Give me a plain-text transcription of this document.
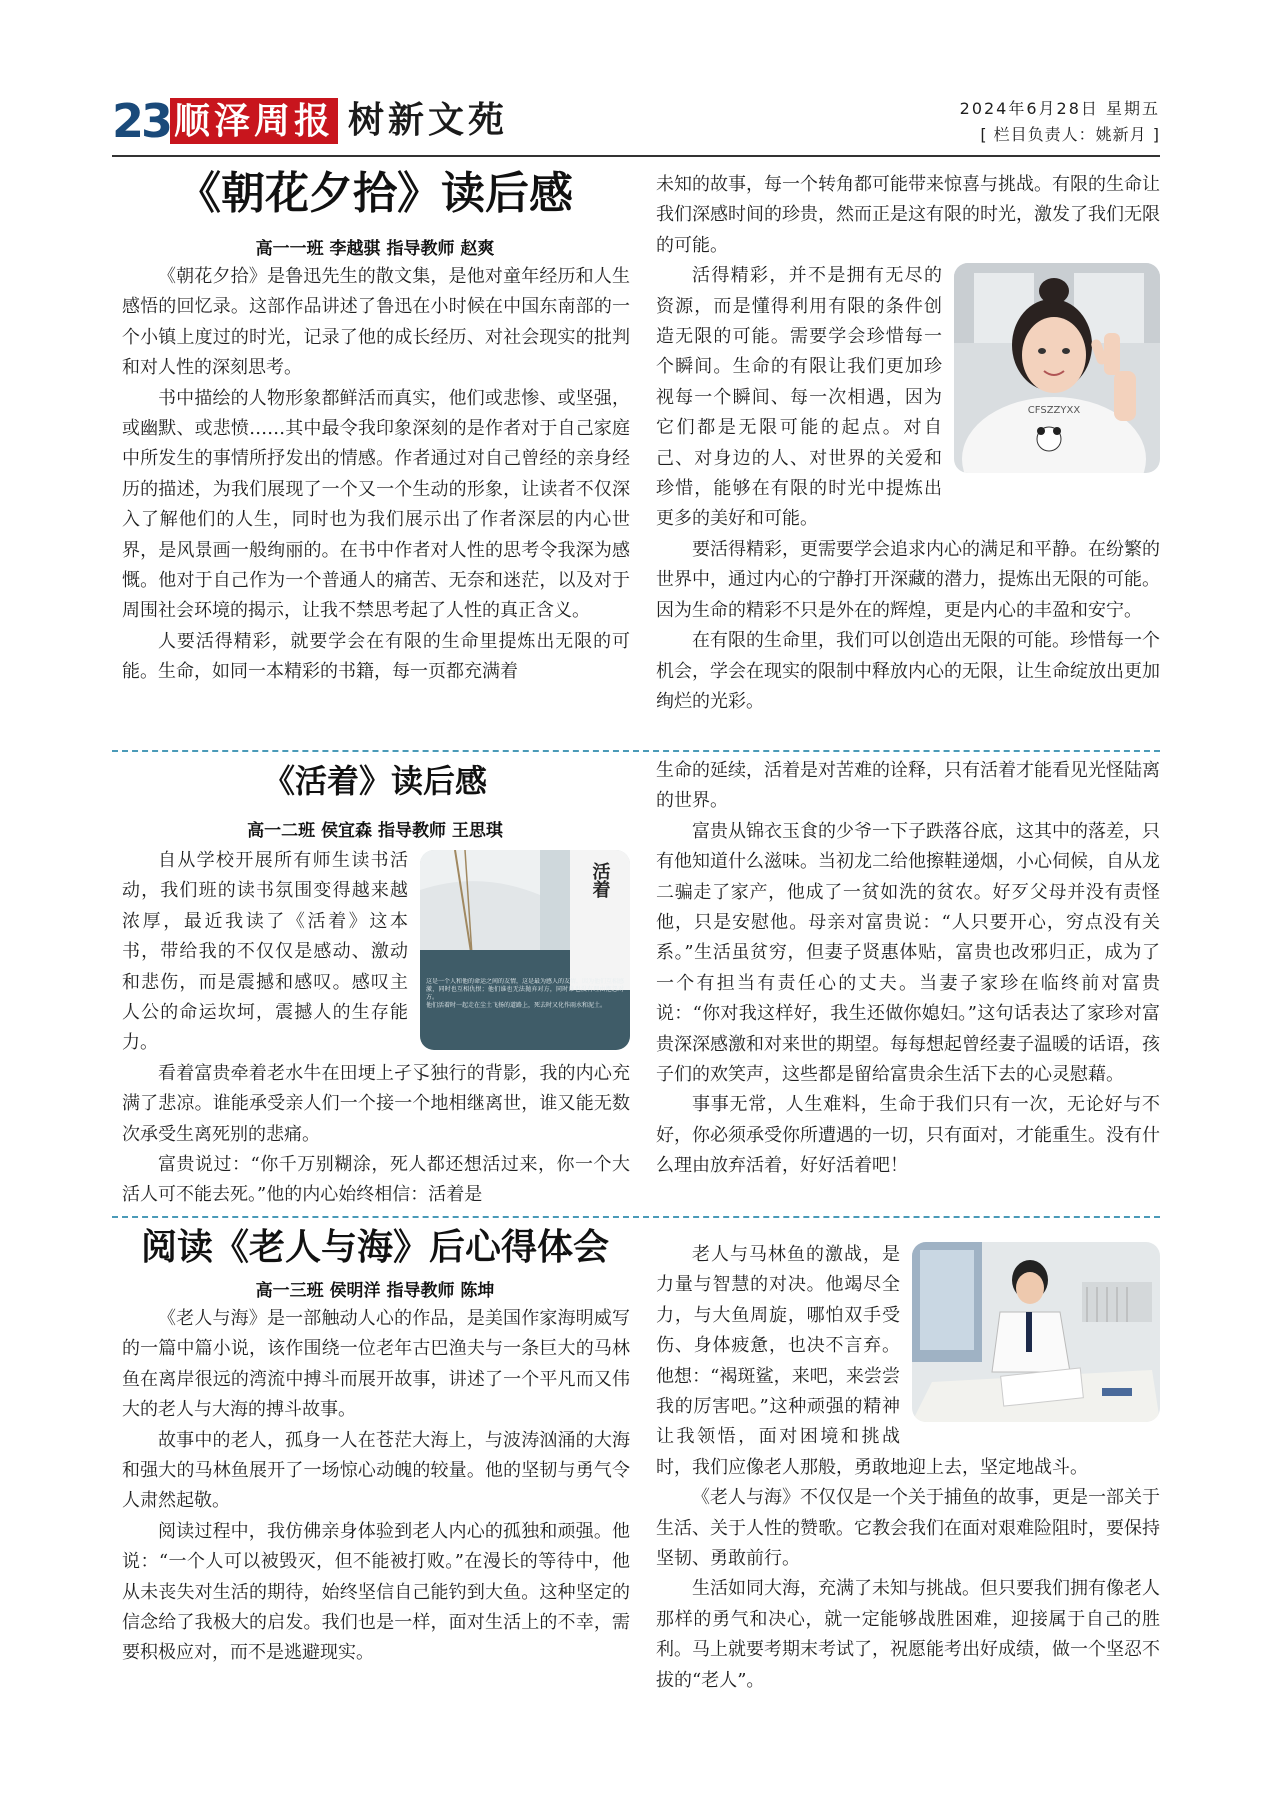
23 顺泽周报 树新文苑	2024年6月28日 星期五
[ 栏目负责人：姚新月 ]
《朝花夕拾》读后感
高一一班 李越骐 指导教师 赵爽

《朝花夕拾》是鲁迅先生的散文集，是他对童年经历和人生感悟的回忆录。这部作品讲述了鲁迅在小时候在中国东南部的一个小镇上度过的时光，记录了他的成长经历、对社会现实的批判和对人性的深刻思考。

书中描绘的人物形象都鲜活而真实，他们或悲惨、或坚强，或幽默、或悲愤……其中最令我印象深刻的是作者对于自己家庭中所发生的事情所抒发出的情感。作者通过对自己曾经的亲身经历的描述，为我们展现了一个又一个生动的形象，让读者不仅深入了解他们的人生，同时也为我们展示出了作者深层的内心世界，是风景画一般绚丽的。在书中作者对人性的思考令我深为感慨。他对于自己作为一个普通人的痛苦、无奈和迷茫，以及对于周围社会环境的揭示，让我不禁思考起了人性的真正含义。

人要活得精彩，就要学会在有限的生命里提炼出无限的可能。生命，如同一本精彩的书籍，每一页都充满着

未知的故事，每一个转角都可能带来惊喜与挑战。有限的生命让我们深感时间的珍贵，然而正是这有限的时光，激发了我们无限的可能。

CFSZZYXX

活得精彩，并不是拥有无尽的资源，而是懂得利用有限的条件创造无限的可能。需要学会珍惜每一个瞬间。生命的有限让我们更加珍视每一个瞬间、每一次相遇，因为它们都是无限可能的起点。对自己、对身边的人、对世界的关爱和珍惜，能够在有限的时光中提炼出更多的美好和可能。

要活得精彩，更需要学会追求内心的满足和平静。在纷繁的世界中，通过内心的宁静打开深藏的潜力，提炼出无限的可能。因为生命的精彩不只是外在的辉煌，更是内心的丰盈和安宁。

在有限的生命里，我们可以创造出无限的可能。珍惜每一个机会，学会在现实的限制中释放内心的无限，让生命绽放出更加绚烂的光彩。

《活着》读后感
高一二班 侯宜森 指导教师 王思琪
活着
这是一个人和他的命运之间的友情，这是最为感人的友情，因为他们互相感激，同时也互相仇恨；他们谁也无法抛弃对方，同时谁也没有理由抱怨对方。
他们活着时一起走在尘土飞扬的道路上，死去时又化作雨水和泥土。

自从学校开展所有师生读书活动，我们班的读书氛围变得越来越浓厚，最近我读了《活着》这本书，带给我的不仅仅是感动、激动和悲伤，而是震撼和感叹。感叹主人公的命运坎坷，震撼人的生存能力。

看着富贵牵着老水牛在田埂上孑孓独行的背影，我的内心充满了悲凉。谁能承受亲人们一个接一个地相继离世，谁又能无数次承受生离死别的悲痛。

富贵说过：“你千万别糊涂，死人都还想活过来，你一个大活人可不能去死。”他的内心始终相信：活着是

生命的延续，活着是对苦难的诠释，只有活着才能看见光怪陆离的世界。

富贵从锦衣玉食的少爷一下子跌落谷底，这其中的落差，只有他知道什么滋味。当初龙二给他擦鞋递烟，小心伺候，自从龙二骗走了家产，他成了一贫如洗的贫农。好歹父母并没有责怪他，只是安慰他。母亲对富贵说：“人只要开心，穷点没有关系。”生活虽贫穷，但妻子贤惠体贴，富贵也改邪归正，成为了一个有担当有责任心的丈夫。当妻子家珍在临终前对富贵说：“你对我这样好，我生还做你媳妇。”这句话表达了家珍对富贵深深感激和对来世的期望。每每想起曾经妻子温暖的话语，孩子们的欢笑声，这些都是留给富贵余生活下去的心灵慰藉。

事事无常，人生难料，生命于我们只有一次，无论好与不好，你必须承受你所遭遇的一切，只有面对，才能重生。没有什么理由放弃活着，好好活着吧！

阅读《老人与海》后心得体会
高一三班 侯明洋 指导教师 陈坤

《老人与海》是一部触动人心的作品，是美国作家海明威写的一篇中篇小说，该作围绕一位老年古巴渔夫与一条巨大的马林鱼在离岸很远的湾流中搏斗而展开故事，讲述了一个平凡而又伟大的老人与大海的搏斗故事。

故事中的老人，孤身一人在苍茫大海上，与波涛汹涌的大海和强大的马林鱼展开了一场惊心动魄的较量。他的坚韧与勇气令人肃然起敬。

阅读过程中，我仿佛亲身体验到老人内心的孤独和顽强。他说：“一个人可以被毁灭，但不能被打败。”在漫长的等待中，他从未丧失对生活的期待，始终坚信自己能钓到大鱼。这种坚定的信念给了我极大的启发。我们也是一样，面对生活上的不幸，需要积极应对，而不是逃避现实。

老人与马林鱼的激战，是力量与智慧的对决。他竭尽全力，与大鱼周旋，哪怕双手受伤、身体疲惫，也决不言弃。他想：“褐斑鲨，来吧，来尝尝我的厉害吧。”这种顽强的精神让我领悟，面对困境和挑战时，我们应像老人那般，勇敢地迎上去，坚定地战斗。

《老人与海》不仅仅是一个关于捕鱼的故事，更是一部关于生活、关于人性的赞歌。它教会我们在面对艰难险阻时，要保持坚韧、勇敢前行。

生活如同大海，充满了未知与挑战。但只要我们拥有像老人那样的勇气和决心，就一定能够战胜困难，迎接属于自己的胜利。马上就要考期末考试了，祝愿能考出好成绩，做一个坚忍不拔的“老人”。
